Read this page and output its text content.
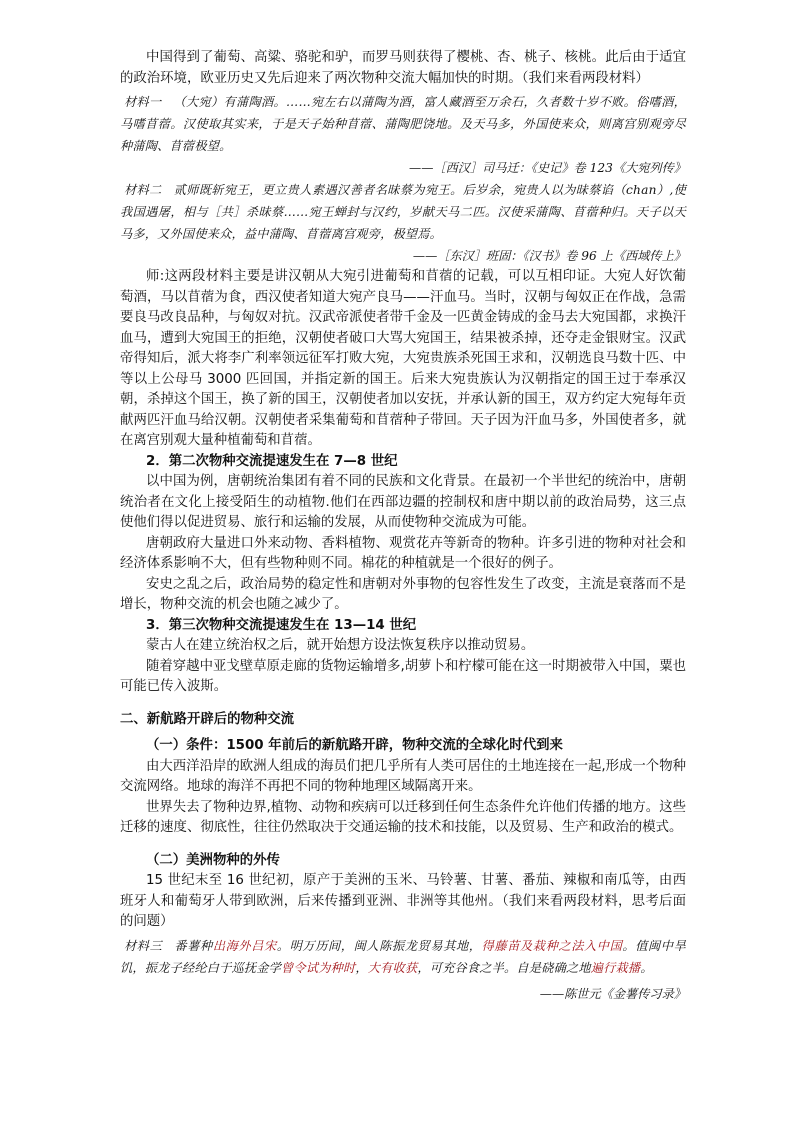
中国得到了葡萄、高粱、骆驼和驴，而罗马则获得了樱桃、杏、桃子、核桃。此后由于适宜的政治环境，欧亚历史又先后迎来了两次物种交流大幅加快的时期。（我们来看两段材料）

材料一 （大宛）有蒲陶酒。……宛左右以蒲陶为酒，富人藏酒至万余石，久者数十岁不败。俗嗜酒，马嗜苜蓿。汉使取其实来，于是天子始种苜蓿、蒲陶肥饶地。及天马多，外国使来众，则离宫别观旁尽种蒲陶、苜蓿极望。

——［西汉］司马迁：《史记》卷 123《大宛列传》

材料二 贰师既斩宛王，更立贵人素遇汉善者名昧蔡为宛王。后岁余，宛贵人以为昧蔡谄（chan）,使我国遇屠，相与［共］杀昧蔡……宛王蝉封与汉约，岁献天马二匹。汉使采蒲陶、苜蓿种归。天子以天马多，又外国使来众，益中蒲陶、苜蓿离宫观旁，极望焉。

——［东汉］班固：《汉书》卷 96 上《西域传上》

师:这两段材料主要是讲汉朝从大宛引进葡萄和苜蓿的记载，可以互相印证。大宛人好饮葡萄酒，马以苜蓿为食，西汉使者知道大宛产良马——汗血马。当时，汉朝与匈奴正在作战，急需要良马改良品种，与匈奴对抗。汉武帝派使者带千金及一匹黄金铸成的金马去大宛国都，求换汗血马，遭到大宛国王的拒绝，汉朝使者破口大骂大宛国王，结果被杀掉，还夺走金银财宝。汉武帝得知后，派大将李广利率领远征军打败大宛，大宛贵族杀死国王求和，汉朝选良马数十匹、中等以上公母马 3000 匹回国，并指定新的国王。后来大宛贵族认为汉朝指定的国王过于奉承汉朝，杀掉这个国王，换了新的国王，汉朝使者加以安抚，并承认新的国王，双方约定大宛每年贡献两匹汗血马给汉朝。汉朝使者采集葡萄和苜蓿种子带回。天子因为汗血马多，外国使者多，就在离宫别观大量种植葡萄和苜蓿。

2．第二次物种交流提速发生在 7—8 世纪

以中国为例，唐朝统治集团有着不同的民族和文化背景。在最初一个半世纪的统治中，唐朝统治者在文化上接受陌生的动植物.他们在西部边疆的控制权和唐中期以前的政治局势，这三点使他们得以促进贸易、旅行和运输的发展，从而使物种交流成为可能。

唐朝政府大量进口外来动物、香料植物、观赏花卉等新奇的物种。许多引进的物种对社会和经济体系影响不大，但有些物种则不同。棉花的种植就是一个很好的例子。

安史之乱之后，政治局势的稳定性和唐朝对外事物的包容性发生了改变，主流是衰落而不是增长，物种交流的机会也随之减少了。

3．第三次物种交流提速发生在 13—14 世纪

蒙古人在建立统治权之后，就开始想方设法恢复秩序以推动贸易。

随着穿越中亚戈壁草原走廊的货物运输增多,胡萝卜和柠檬可能在这一时期被带入中国，粟也可能已传入波斯。

二、新航路开辟后的物种交流

（一）条件：1500 年前后的新航路开辟，物种交流的全球化时代到来

由大西洋沿岸的欧洲人组成的海员们把几乎所有人类可居住的土地连接在一起,形成一个物种交流网络。地球的海洋不再把不同的物种地理区域隔离开来。

世界失去了物种边界,植物、动物和疾病可以迁移到任何生态条件允许他们传播的地方。这些迁移的速度、彻底性，往往仍然取决于交通运输的技术和技能，以及贸易、生产和政治的模式。

（二）美洲物种的外传

15 世纪末至 16 世纪初，原产于美洲的玉米、马铃薯、甘薯、番茄、辣椒和南瓜等，由西班牙人和葡萄牙人带到欧洲，后来传播到亚洲、非洲等其他州。（我们来看两段材料，思考后面的问题）

材料三 番薯种出海外吕宋。明万历间，闽人陈振龙贸易其地，得藤苗及栽种之法入中国。值闽中旱饥，振龙子经纶白于巡抚金学曾令试为种时，大有收获，可充谷食之半。自是硗确之地遍行栽播。

——陈世元《金薯传习录》
